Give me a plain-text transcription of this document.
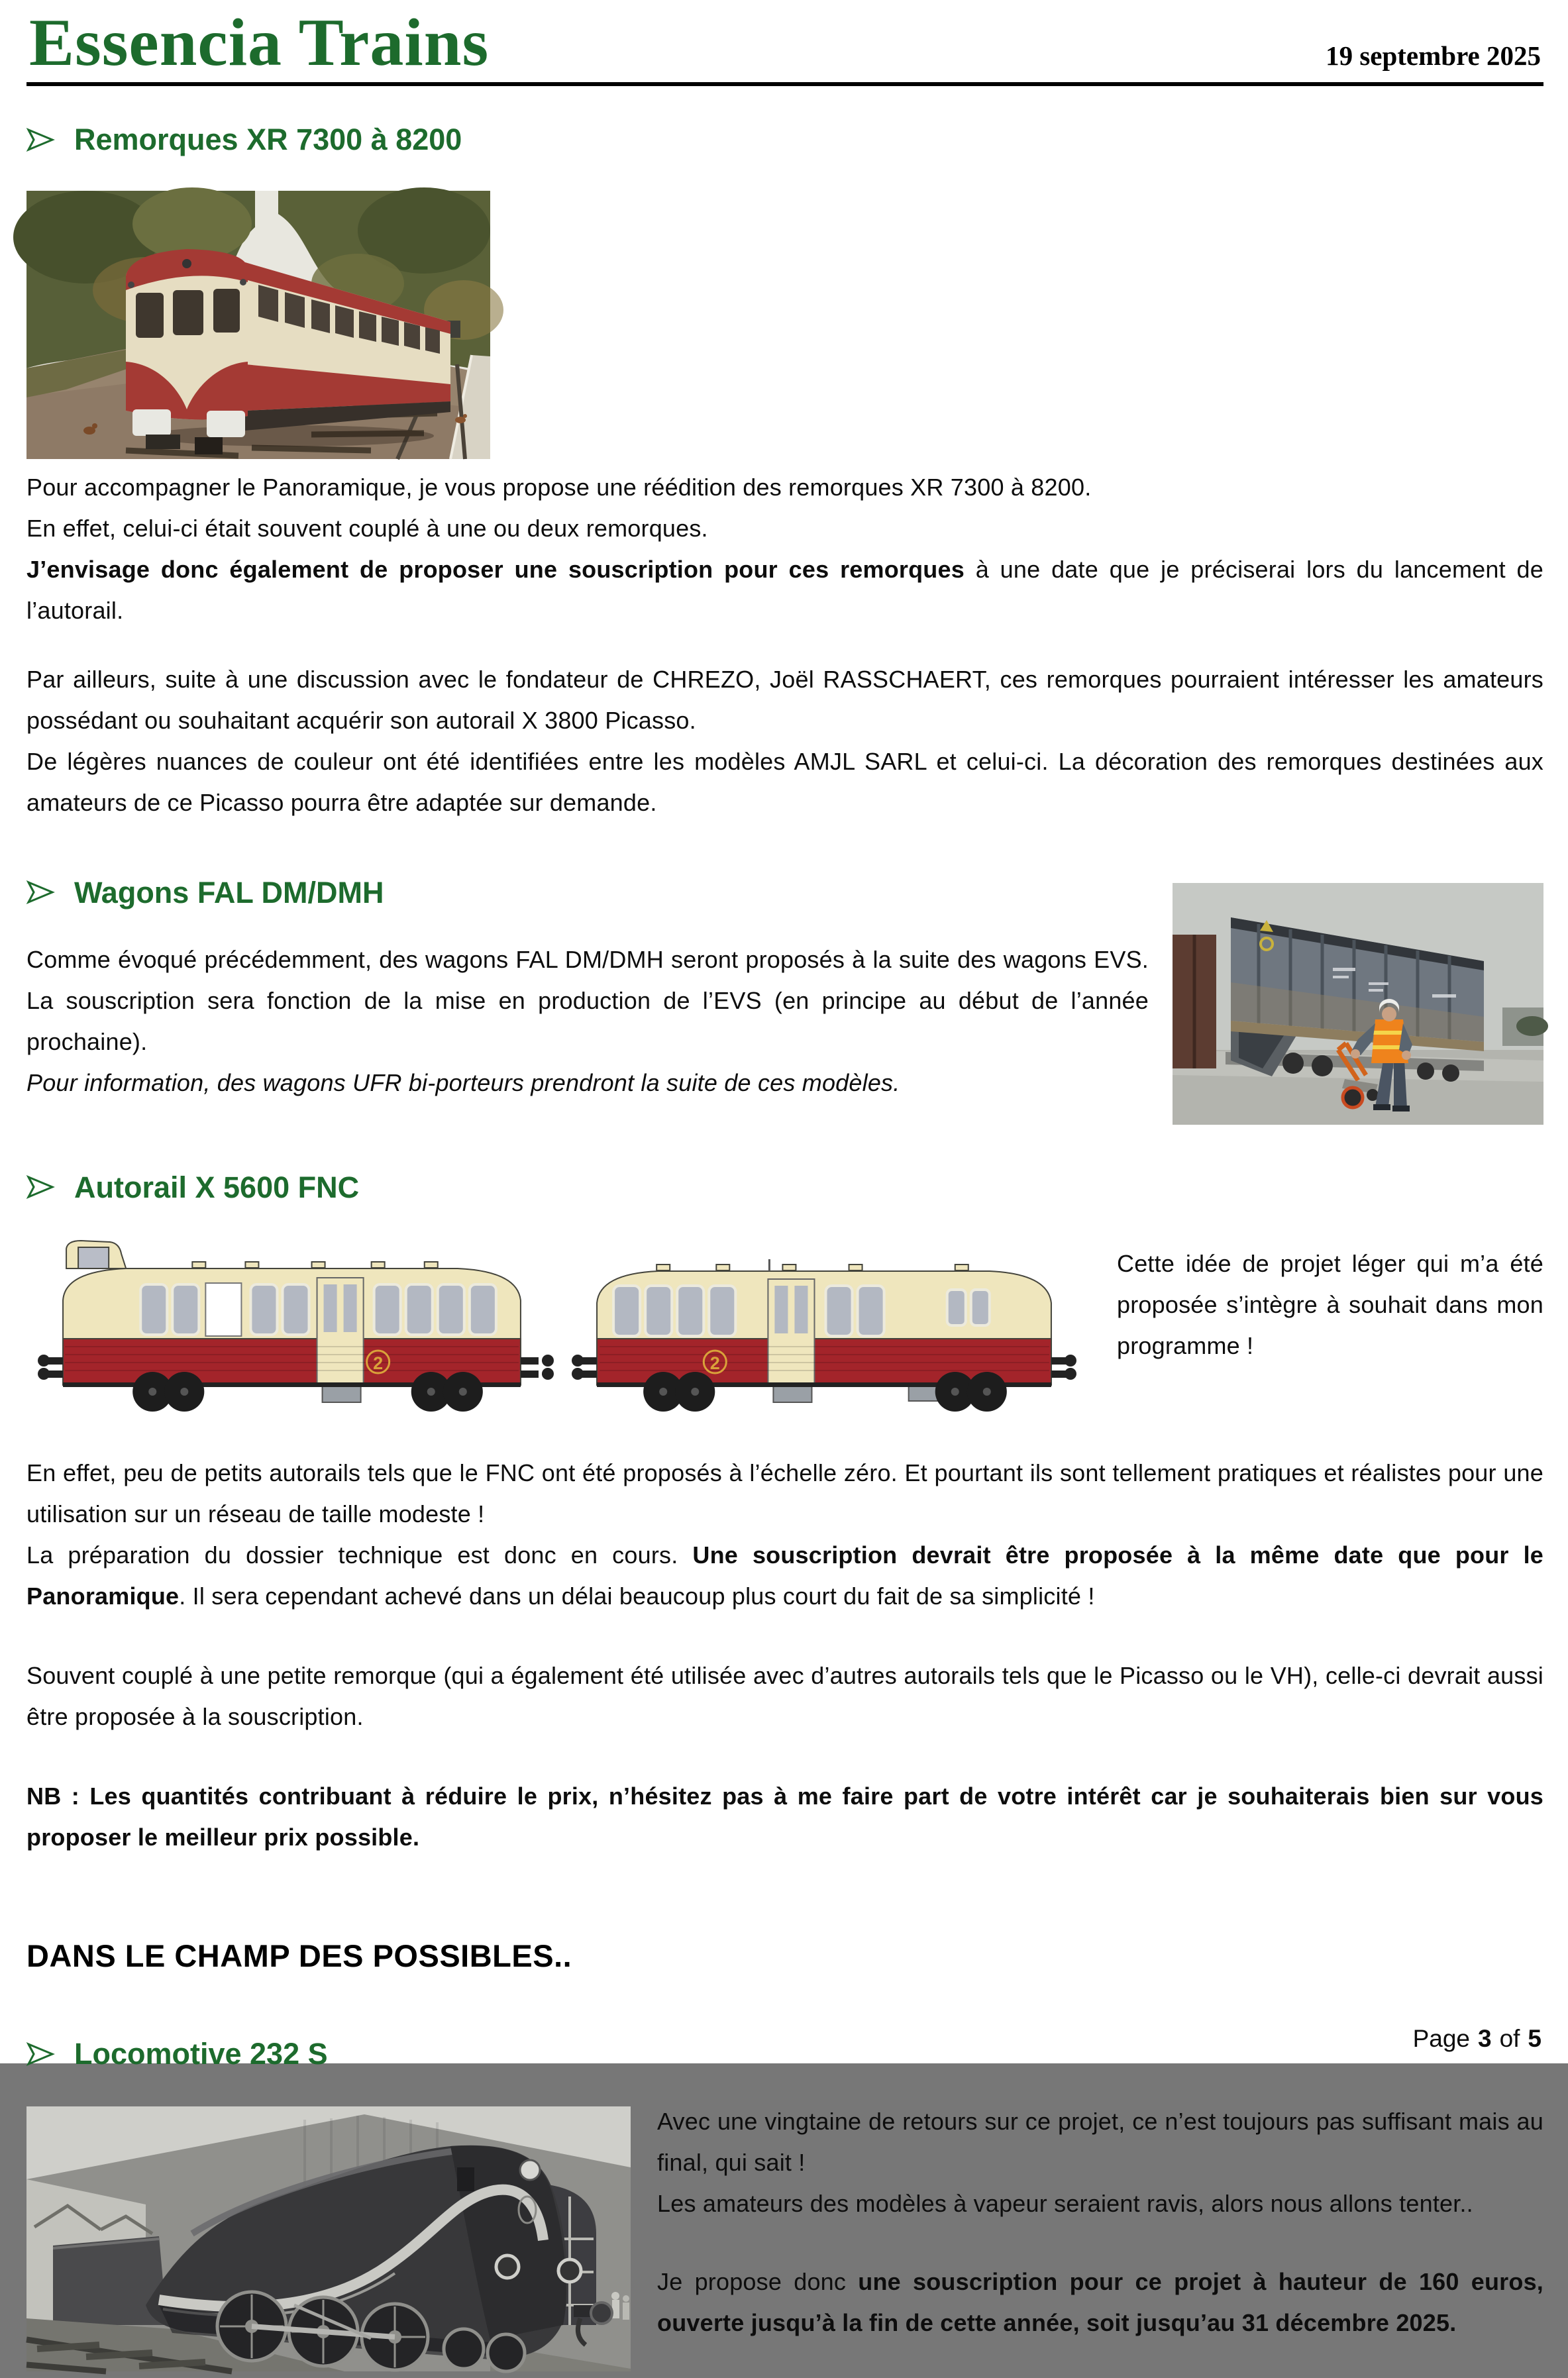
Essencia Trains	19 septembre 2025
Remorques XR 7300 à 8200

Pour accompagner le Panoramique, je vous propose une réédition des remorques XR 7300 à 8200.
En effet, celui-ci était souvent couplé à une ou deux remorques.
J’envisage donc également de proposer une souscription pour ces remorques à une date que je préciserai lors du lancement de l’autorail.

Par ailleurs, suite à une discussion avec le fondateur de CHREZO, Joël RASSCHAERT, ces remorques pourraient intéresser les amateurs possédant ou souhaitant acquérir son autorail X 3800 Picasso.
De légères nuances de couleur ont été identifiées entre les modèles AMJL SARL et celui-ci. La décoration des remorques destinées aux amateurs de ce Picasso pourra être adaptée sur demande.

Wagons FAL DM/DMH

Comme évoqué précédemment, des wagons FAL DM/DMH seront proposés à la suite des wagons EVS. La souscription sera fonction de la mise en production de l’EVS (en principe au début de l’année prochaine).
Pour information, des wagons UFR bi-porteurs prendront la suite de ces modèles.

Autorail X 5600 FNC
2	2

Cette idée de projet léger qui m’a été proposée s’intègre à souhait dans mon programme !

En effet, peu de petits autorails tels que le FNC ont été proposés à l’échelle zéro. Et pourtant ils sont tellement pratiques et réalistes pour une utilisation sur un réseau de taille modeste !
La préparation du dossier technique est donc en cours. Une souscription devrait être proposée à la même date que pour le Panoramique. Il sera cependant achevé dans un délai beaucoup plus court du fait de sa simplicité !

Souvent couplé à une petite remorque (qui a également été utilisée avec d’autres autorails tels que le Picasso ou le VH), celle-ci devrait aussi être proposée à la souscription.

NB : Les quantités contribuant à réduire le prix, n’hésitez pas à me faire part de votre intérêt car je souhaiterais bien sur vous proposer le meilleur prix possible.

DANS LE CHAMP DES POSSIBLES..
Locomotive 232 S

Avec une vingtaine de retours sur ce projet, ce n’est toujours pas suffisant mais au final, qui sait !
Les amateurs des modèles à vapeur seraient ravis, alors nous allons tenter..

Je propose donc une souscription pour ce projet à hauteur de 160 euros, ouverte jusqu’à la fin de cette année, soit jusqu’au 31 décembre 2025.

Page 3 of 5
